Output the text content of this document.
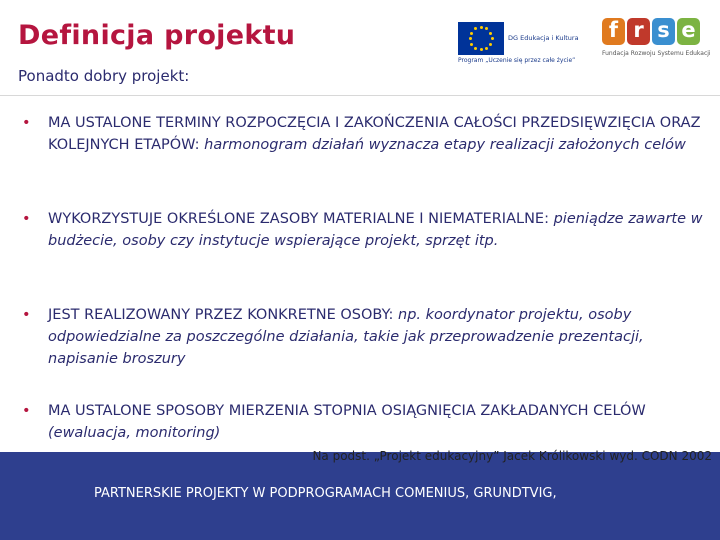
Definicja projektu
Ponadto dobry projekt:
DG Edukacja i Kultura
Program „Uczenie się przez całe życie”
f r s e
Fundacja Rozwoju Systemu Edukacji
• MA USTALONE TERMINY ROZPOCZĘCIA I ZAKOŃCZENIA CAŁOŚCI PRZEDSIĘWZIĘCIA ORAZ KOLEJNYCH ETAPÓW: harmonogram działań wyznacza etapy realizacji założonych celów
• WYKORZYSTUJE OKREŚLONE ZASOBY MATERIALNE I NIEMATERIALNE: pieniądze zawarte w budżecie, osoby czy instytucje wspierające projekt, sprzęt itp.
• JEST REALIZOWANY PRZEZ KONKRETNE OSOBY: np. koordynator projektu, osoby odpowiedzialne za poszczególne działania, takie jak przeprowadzenie prezentacji, napisanie broszury
• MA USTALONE SPOSOBY MIERZENIA STOPNIA OSIĄGNIĘCIA ZAKŁADANYCH CELÓW (ewaluacja, monitoring)
PARTNERSKIE PROJEKTY W PODPROGRAMACH COMENIUS, GRUNDTVIG,
Na podst. „Projekt edukacyjny” Jacek Królikowski wyd. CODN 2002
